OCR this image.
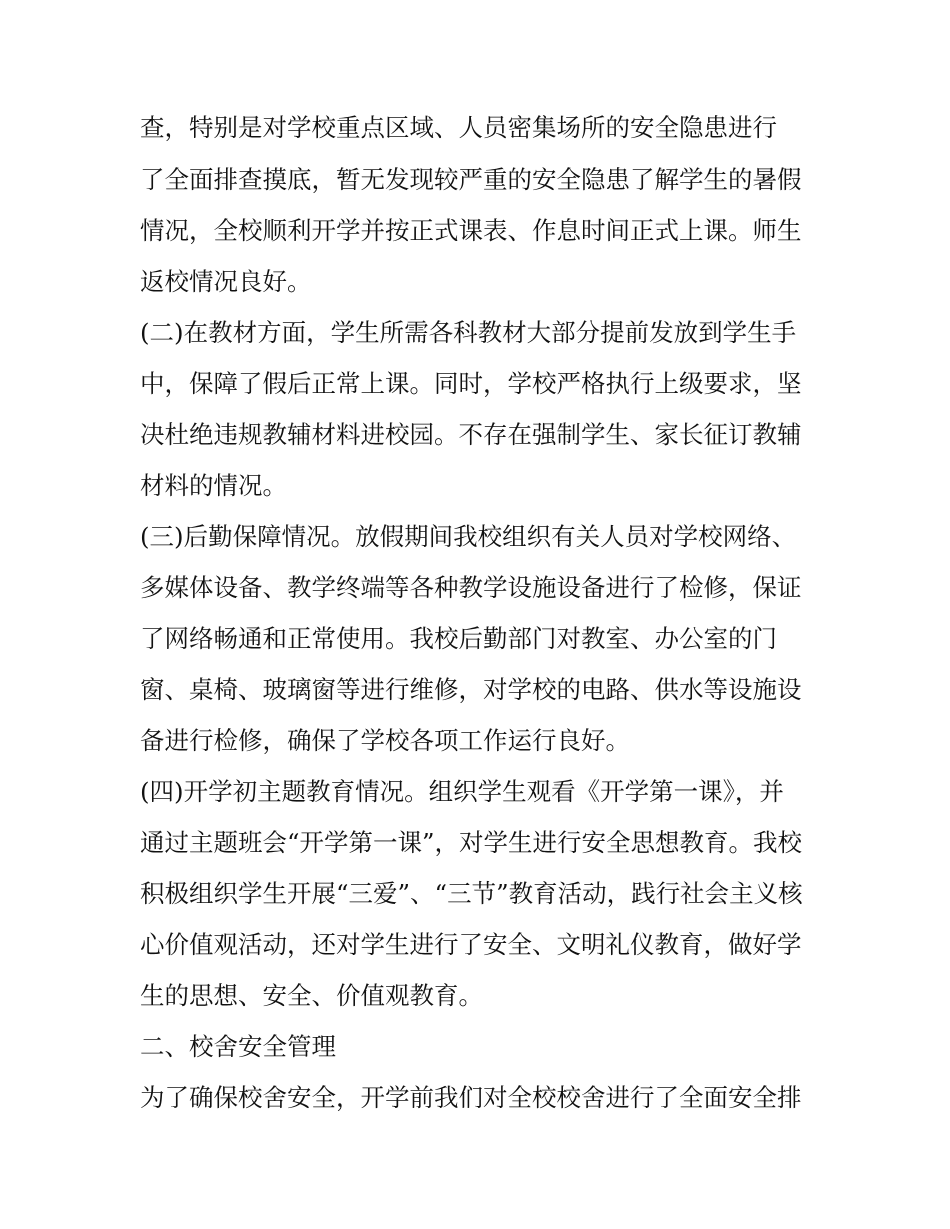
查，特别是对学校重点区域、人员密集场所的安全隐患进行
了全面排查摸底，暂无发现较严重的安全隐患了解学生的暑假
情况，全校顺利开学并按正式课表、作息时间正式上课。师生
返校情况良好。
(二)在教材方面，学生所需各科教材大部分提前发放到学生手
中，保障了假后正常上课。同时，学校严格执行上级要求，坚
决杜绝违规教辅材料进校园。不存在强制学生、家长征订教辅
材料的情况。
(三)后勤保障情况。放假期间我校组织有关人员对学校网络、
多媒体设备、教学终端等各种教学设施设备进行了检修，保证
了网络畅通和正常使用。我校后勤部门对教室、办公室的门
窗、桌椅、玻璃窗等进行维修，对学校的电路、供水等设施设
备进行检修，确保了学校各项工作运行良好。
(四)开学初主题教育情况。组织学生观看《开学第一课》，并
通过主题班会“开学第一课”，对学生进行安全思想教育。我校
积极组织学生开展“三爱”、“三节”教育活动，践行社会主义核
心价值观活动，还对学生进行了安全、文明礼仪教育，做好学
生的思想、安全、价值观教育。
二、校舍安全管理
为了确保校舍安全，开学前我们对全校校舍进行了全面安全排
